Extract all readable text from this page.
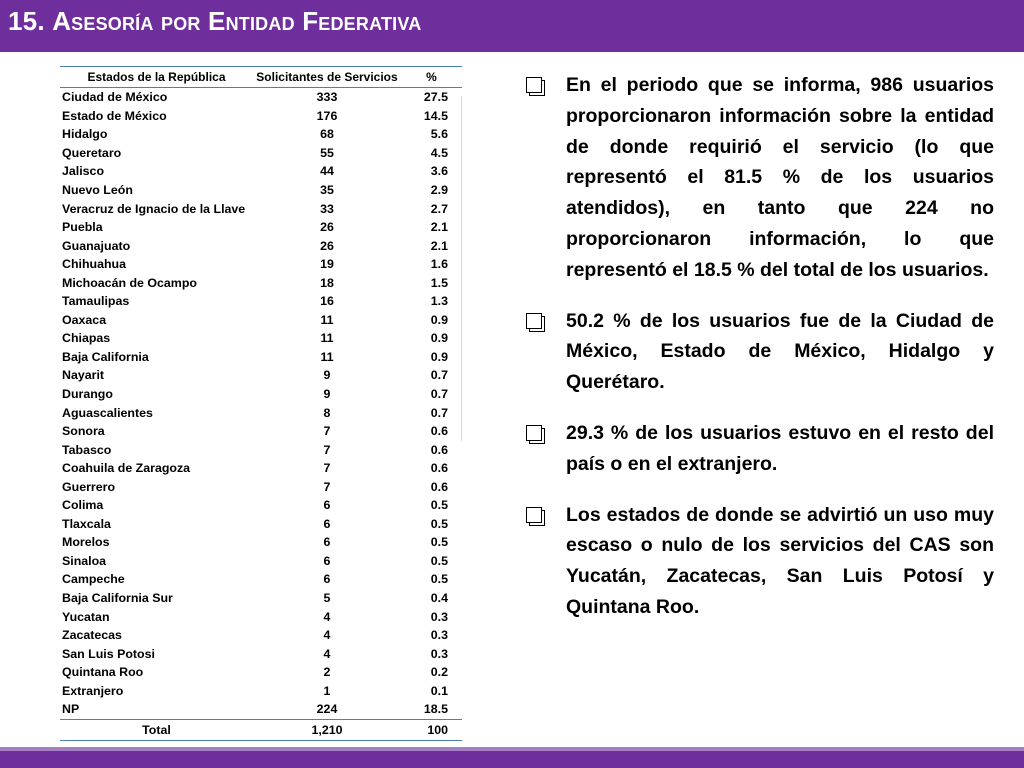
15. Asesoría por Entidad Federativa
Estados de la República	Solicitantes de Servicios	%
Ciudad de México	333	27.5
Estado de México	176	14.5
Hidalgo	68	5.6
Queretaro	55	4.5
Jalisco	44	3.6
Nuevo León	35	2.9
Veracruz de Ignacio de la Llave	33	2.7
Puebla	26	2.1
Guanajuato	26	2.1
Chihuahua	19	1.6
Michoacán de Ocampo	18	1.5
Tamaulipas	16	1.3
Oaxaca	11	0.9
Chiapas	11	0.9
Baja California	11	0.9
Nayarit	9	0.7
Durango	9	0.7
Aguascalientes	8	0.7
Sonora	7	0.6
Tabasco	7	0.6
Coahuila de Zaragoza	7	0.6
Guerrero	7	0.6
Colima	6	0.5
Tlaxcala	6	0.5
Morelos	6	0.5
Sinaloa	6	0.5
Campeche	6	0.5
Baja California Sur	5	0.4
Yucatan	4	0.3
Zacatecas	4	0.3
San Luis Potosi	4	0.3
Quintana Roo	2	0.2
Extranjero	1	0.1
NP	224	18.5
Total	1,210	100

En el periodo que se informa, 986 usuarios proporcionaron información sobre la entidad de donde requirió el servicio (lo que representó el 81.5 % de los usuarios atendidos), en tanto que 224 no proporcionaron información, lo que representó el 18.5 % del total de los usuarios.

50.2 % de los usuarios fue de la Ciudad de México, Estado de México, Hidalgo y Querétaro.

29.3 % de los usuarios estuvo en el resto del país o en el extranjero.

Los estados de donde se advirtió un uso muy escaso o nulo de los servicios del CAS son Yucatán, Zacatecas, San Luis Potosí y Quintana Roo.
